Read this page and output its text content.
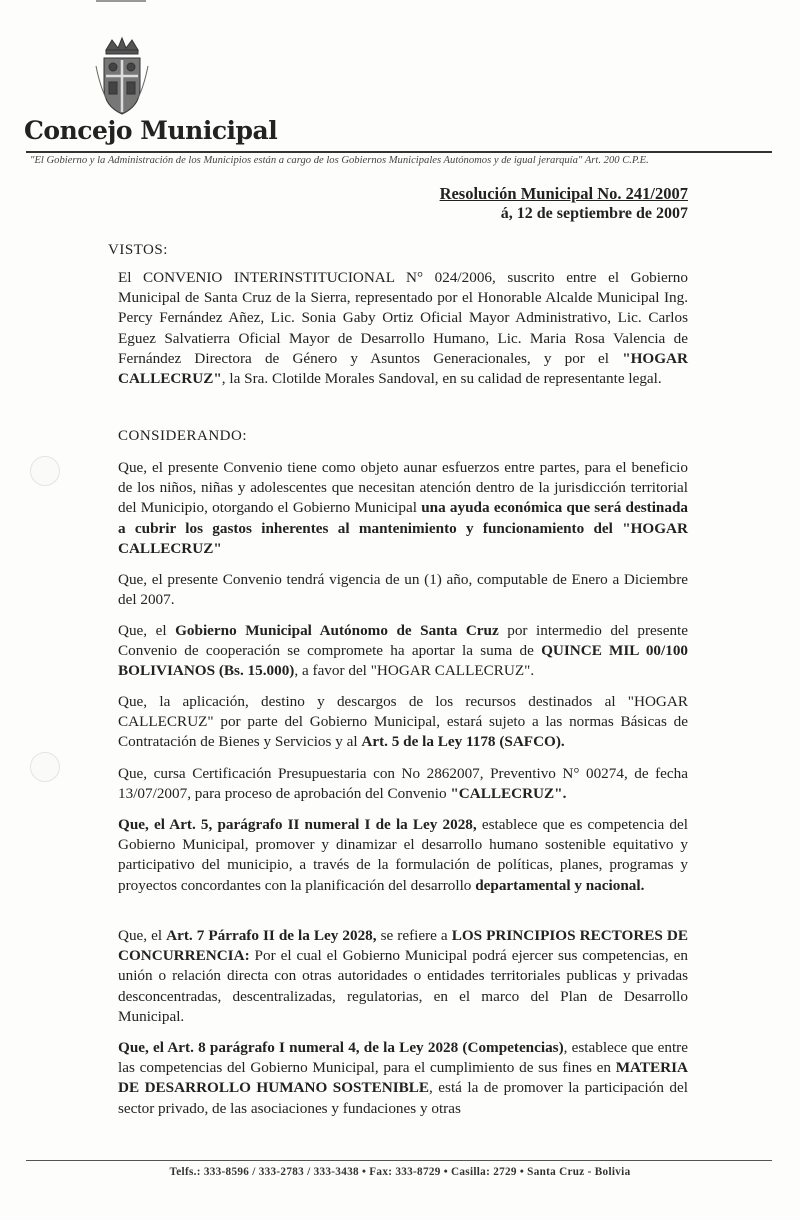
Concejo Municipal
"El Gobierno y la Administración de los Municipios están a cargo de los Gobiernos Municipales Autónomos y de igual jerarquía" Art. 200 C.P.E.
Resolución Municipal No. 241/2007
á, 12 de septiembre de 2007
VISTOS:
El CONVENIO INTERINSTITUCIONAL N° 024/2006, suscrito entre el Gobierno Municipal de Santa Cruz de la Sierra, representado por el Honorable Alcalde Municipal Ing. Percy Fernández Añez, Lic. Sonia Gaby Ortiz Oficial Mayor Administrativo, Lic. Carlos Eguez Salvatierra Oficial Mayor de Desarrollo Humano, Lic. Maria Rosa Valencia de Fernández Directora de Género y Asuntos Generacionales, y por el "HOGAR CALLECRUZ", la Sra. Clotilde Morales Sandoval, en su calidad de representante legal.
CONSIDERANDO:
Que, el presente Convenio tiene como objeto aunar esfuerzos entre partes, para el beneficio de los niños, niñas y adolescentes que necesitan atención dentro de la jurisdicción territorial del Municipio, otorgando el Gobierno Municipal una ayuda económica que será destinada a cubrir los gastos inherentes al mantenimiento y funcionamiento del "HOGAR CALLECRUZ"
Que, el presente Convenio tendrá vigencia de un (1) año, computable de Enero a Diciembre del 2007.
Que, el Gobierno Municipal Autónomo de Santa Cruz por intermedio del presente Convenio de cooperación se compromete ha aportar la suma de QUINCE MIL 00/100 BOLIVIANOS (Bs. 15.000), a favor del "HOGAR CALLECRUZ".
Que, la aplicación, destino y descargos de los recursos destinados al "HOGAR CALLECRUZ" por parte del Gobierno Municipal, estará sujeto a las normas Básicas de Contratación de Bienes y Servicios y al Art. 5 de la Ley 1178 (SAFCO).
Que, cursa Certificación Presupuestaria con No 2862007, Preventivo N° 00274, de fecha 13/07/2007, para proceso de aprobación del Convenio "CALLECRUZ".
Que, el Art. 5, parágrafo II numeral I de la Ley 2028, establece que es competencia del Gobierno Municipal, promover y dinamizar el desarrollo humano sostenible equitativo y participativo del municipio, a través de la formulación de políticas, planes, programas y proyectos concordantes con la planificación del desarrollo departamental y nacional.
Que, el Art. 7 Párrafo II de la Ley 2028, se refiere a LOS PRINCIPIOS RECTORES DE CONCURRENCIA: Por el cual el Gobierno Municipal podrá ejercer sus competencias, en unión o relación directa con otras autoridades o entidades territoriales publicas y privadas desconcentradas, descentralizadas, regulatorias, en el marco del Plan de Desarrollo Municipal.
Que, el Art. 8 parágrafo I numeral 4, de la Ley 2028 (Competencias), establece que entre las competencias del Gobierno Municipal, para el cumplimiento de sus fines en MATERIA DE DESARROLLO HUMANO SOSTENIBLE, está la de promover la participación del sector privado, de las asociaciones y fundaciones y otras
Telfs.: 333-8596 / 333-2783 / 333-3438 • Fax: 333-8729 • Casilla: 2729 • Santa Cruz - Bolivia
